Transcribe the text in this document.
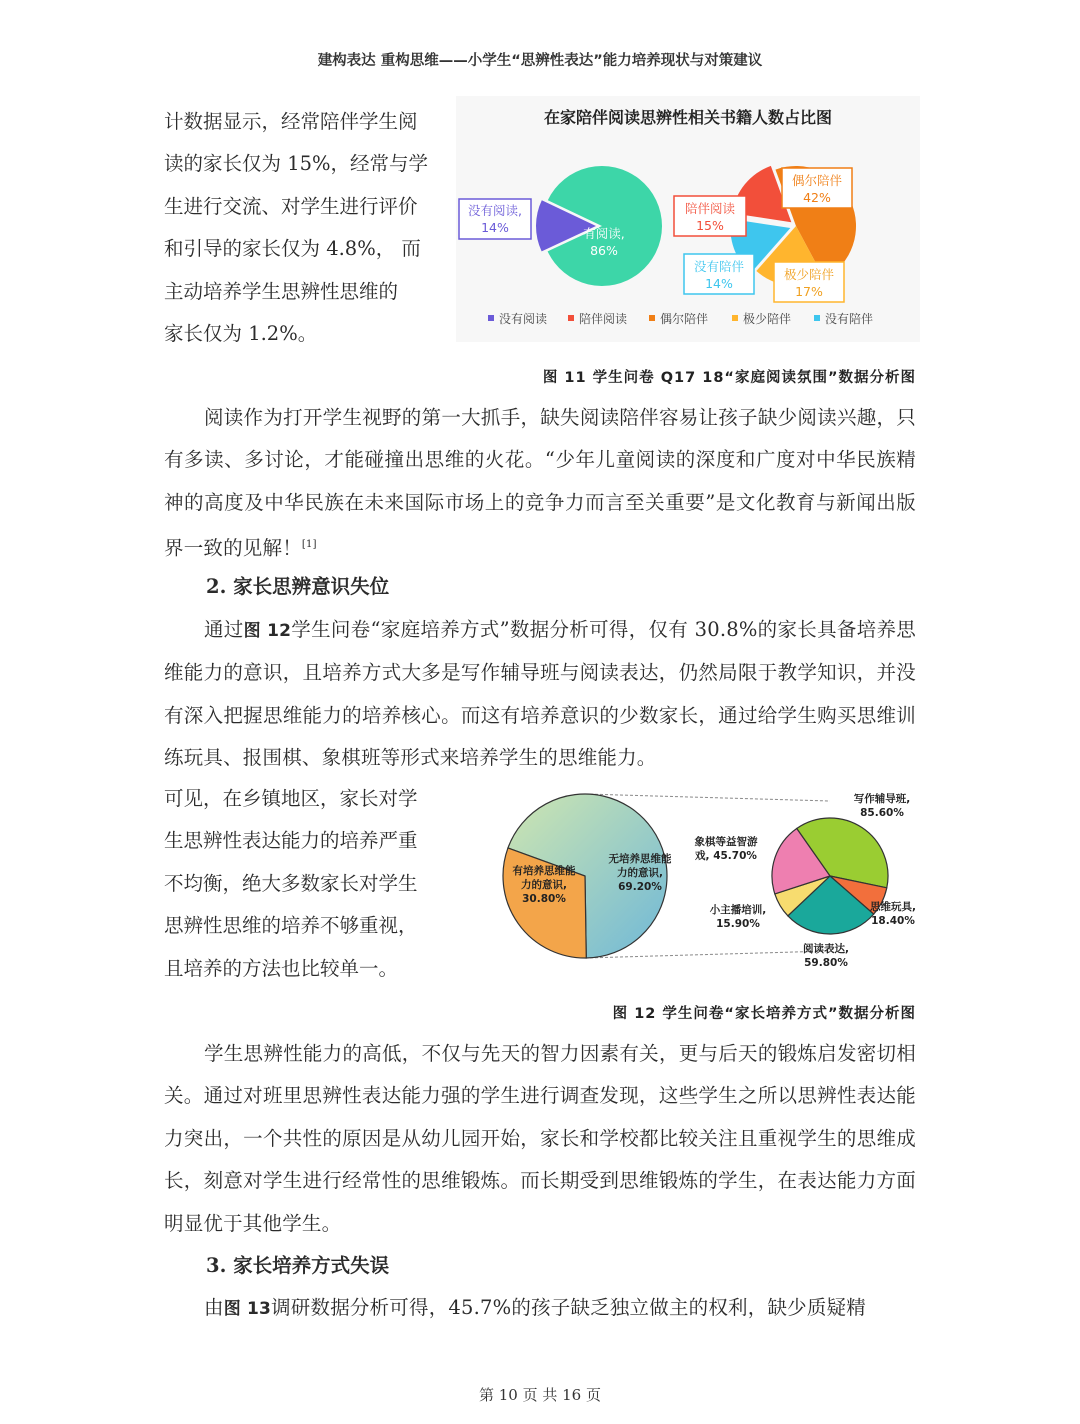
建构表达 重构思维——小学生“思辨性表达”能力培养现状与对策建议

计数据显示，经常陪伴学生阅

读的家长仅为 15%，经常与学

生进行交流、对学生进行评价

和引导的家长仅为 4.8%， 而

主动培养学生思辨性思维的

家长仅为 1.2%。

在家陪伴阅读思辨性相关书籍人数占比图
没有阅读,
14%	有阅读,
86%
陪伴阅读
15%
偶尔陪伴
42%
没有陪伴
14%
极少陪伴
17%
没有阅读	陪伴阅读	偶尔陪伴	极少陪伴	没有陪伴
图 11 学生问卷 Q17 18“家庭阅读氛围”数据分析图

阅读作为打开学生视野的第一大抓手，缺失阅读陪伴容易让孩子缺少阅读兴趣，只有多读、多讨论，才能碰撞出思维的火花。“少年儿童阅读的深度和广度对中华民族精神的高度及中华民族在未来国际市场上的竞争力而言至关重要”是文化教育与新闻出版界一致的见解！[1]

2. 家长思辨意识失位

通过图 12学生问卷“家庭培养方式”数据分析可得，仅有 30.8%的家长具备培养思维能力的意识，且培养方式大多是写作辅导班与阅读表达，仍然局限于教学知识，并没有深入把握思维能力的培养核心。而这有培养意识的少数家长，通过给学生购买思维训练玩具、报围棋、象棋班等形式来培养学生的思维能力。

可见，在乡镇地区，家长对学

生思辨性表达能力的培养严重

不均衡，绝大多数家长对学生

思辨性思维的培养不够重视，

且培养的方法也比较单一。

无培养思维能
力的意识,
69.20%
有培养思维能
力的意识,
30.80%
写作辅导班,
85.60%
象棋等益智游
戏, 45.70%
小主播培训,
15.90%
思维玩具,
18.40%
阅读表达,
59.80%
图 12 学生问卷“家长培养方式”数据分析图

学生思辨性能力的高低，不仅与先天的智力因素有关，更与后天的锻炼启发密切相关。通过对班里思辨性表达能力强的学生进行调查发现，这些学生之所以思辨性表达能力突出，一个共性的原因是从幼儿园开始，家长和学校都比较关注且重视学生的思维成长，刻意对学生进行经常性的思维锻炼。而长期受到思维锻炼的学生，在表达能力方面明显优于其他学生。

3. 家长培养方式失误

由图 13调研数据分析可得，45.7%的孩子缺乏独立做主的权利，缺少质疑精

第 10 页 共 16 页
